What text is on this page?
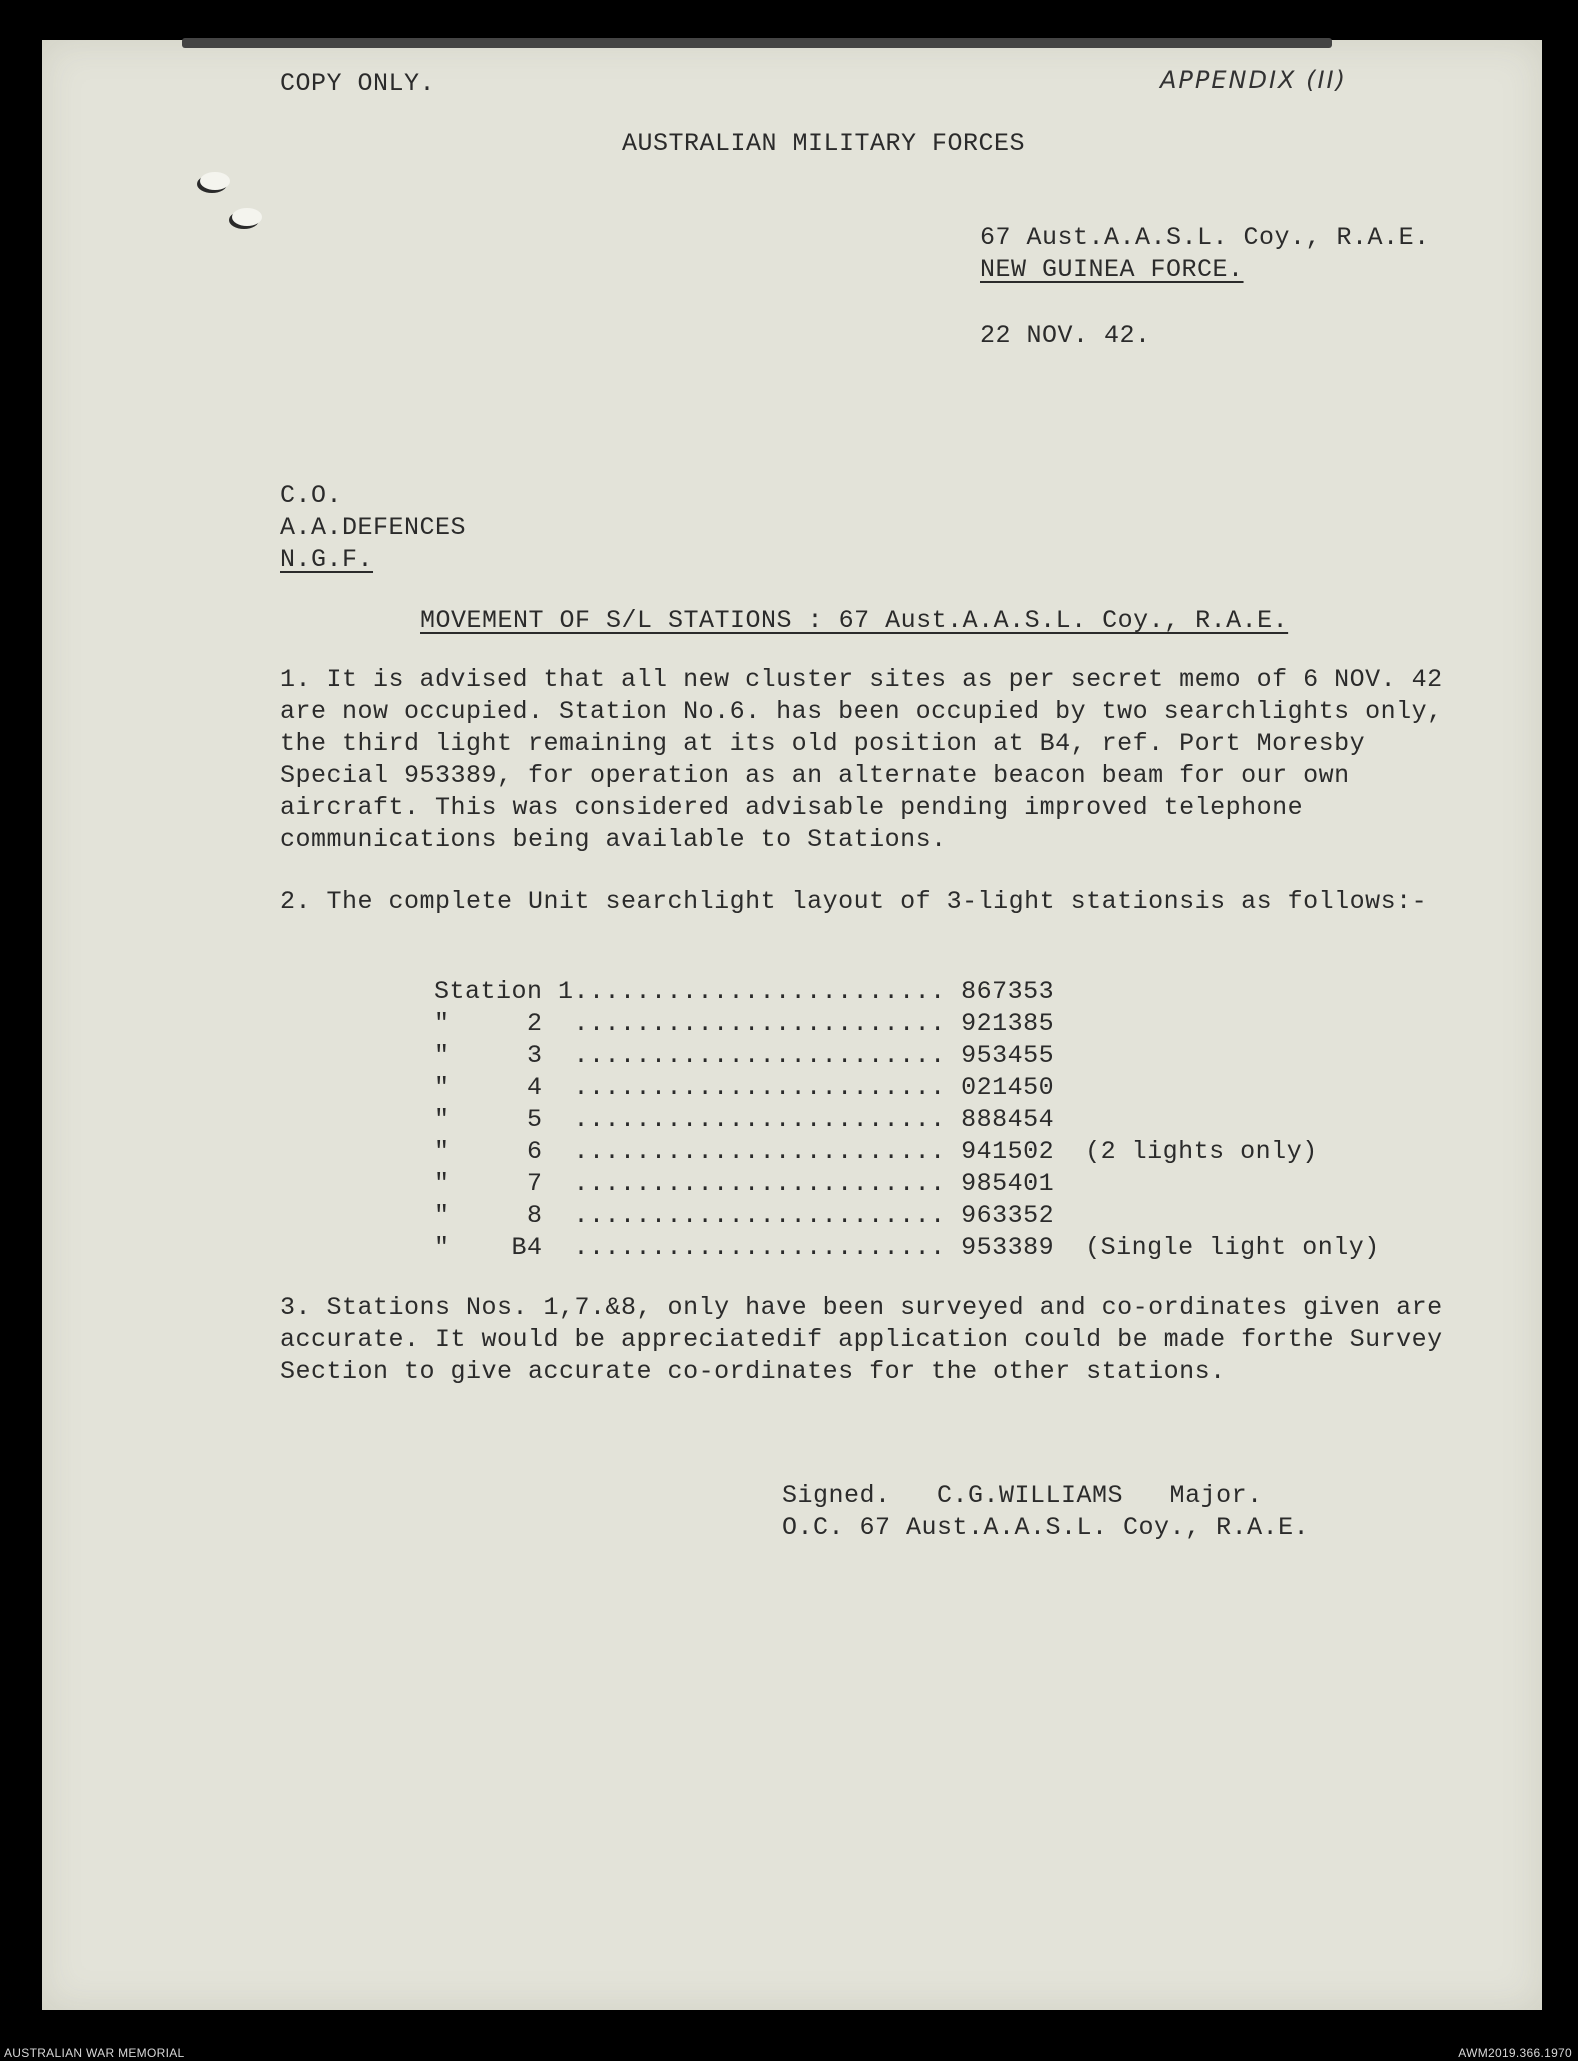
COPY ONLY.	APPENDIX (II)
AUSTRALIAN MILITARY FORCES
67 Aust.A.A.S.L. Coy., R.A.E.
NEW GUINEA FORCE.
22 NOV. 42.
C.O.
A.A.DEFENCES
N.G.F.
MOVEMENT OF S/L STATIONS : 67 Aust.A.A.S.L. Coy., R.A.E.
1. It is advised that all new cluster sites as per secret memo of 6 NOV. 42
are now occupied. Station No.6. has been occupied by two searchlights only,
the third light remaining at its old position at B4, ref. Port Moresby
Special 953389, for operation as an alternate beacon beam for our own
aircraft. This was considered advisable pending improved telephone
communications being available to Stations.
2. The complete Unit searchlight layout of 3-light stationsis as follows:-
Station 1........................ 867353
"     2 ........................ 921385
"     3 ........................ 953455
"     4 ........................ 021450
"     5 ........................ 888454
"     6 ........................ 941502 (2 lights only)
"     7 ........................ 985401
"     8 ........................ 963352
"    B4 ........................ 953389 (Single light only)
3. Stations Nos. 1,7.&8, only have been surveyed and co-ordinates given are
accurate. It would be appreciatedif application could be made forthe Survey
Section to give accurate co-ordinates for the other stations.
Signed.   C.G.WILLIAMS   Major.
O.C. 67 Aust.A.A.S.L. Coy., R.A.E.
AUSTRALIAN WAR MEMORIAL	AWM2019.366.1970
